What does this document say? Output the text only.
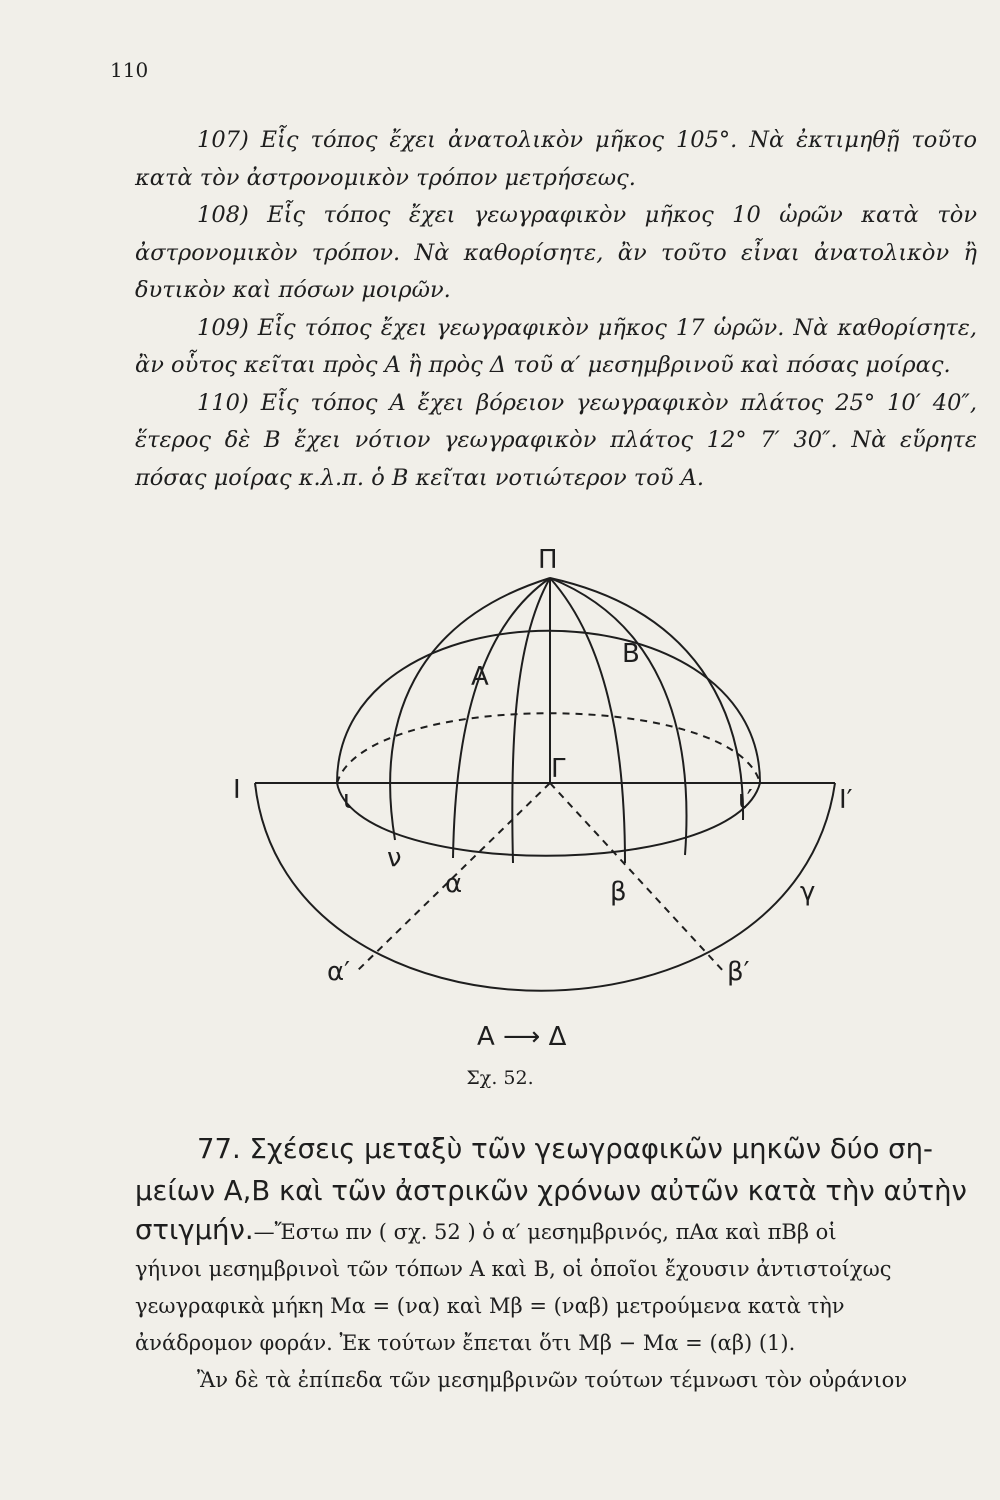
110

107) Εἷς τόπος ἔχει ἀνατολικὸν μῆκος 105°. Νὰ ἐκτιμηθῇ τοῦτο κατὰ τὸν ἀστρονομικὸν τρόπον μετρήσεως.

108) Εἷς τόπος ἔχει γεωγραφικὸν μῆκος 10 ὡρῶν κατὰ τὸν ἀστρονομικὸν τρόπον. Νὰ καθορίσητε, ἂν τοῦτο εἶναι ἀνατολικὸν ἢ δυτικὸν καὶ πόσων μοιρῶν.

109) Εἷς τόπος ἔχει γεωγραφικὸν μῆκος 17 ὡρῶν. Νὰ καθορίσητε, ἂν οὗτος κεῖται πρὸς Α ἢ πρὸς Δ τοῦ α′ μεσημβρινοῦ καὶ πόσας μοίρας.

110) Εἷς τόπος Α ἔχει βόρειον γεωγραφικὸν πλάτος 25° 10′ 40″, ἕτερος δὲ Β ἔχει νότιον γεωγραφικὸν πλάτος 12° 7′ 30″. Νὰ εὕρητε πόσας μοίρας κ.λ.π. ὁ Β κεῖται νοτιώτερον τοῦ Α.

Π
Α
Β
Γ
Ι	Ι′
ι	ι′
ν
α	β	γ
α′	β′
Α ⟶ Δ
Σχ. 52.
77. Σχέσεις μεταξὺ τῶν γεωγραφικῶν μηκῶν δύο ση-
μείων Α,Β καὶ τῶν ἀστρικῶν χρόνων αὐτῶν κατὰ τὴν αὐτὴν
στιγμήν.—Ἔστω πν ( σχ. 52 ) ὁ α′ μεσημβρινός, πΑα καὶ πΒβ οἱ
γήινοι μεσημβρινοὶ τῶν τόπων Α καὶ Β, οἱ ὁποῖοι ἔχουσιν ἀντιστοίχως
γεωγραφικὰ μήκη Μα = (να) καὶ Μβ = (ναβ) μετρούμενα κατὰ τὴν
ἀνάδρομον φοράν. Ἐκ τούτων ἔπεται ὅτι Μβ − Μα = (αβ) (1).
Ἂν δὲ τὰ ἐπίπεδα τῶν μεσημβρινῶν τούτων τέμνωσι τὸν οὐράνιον
